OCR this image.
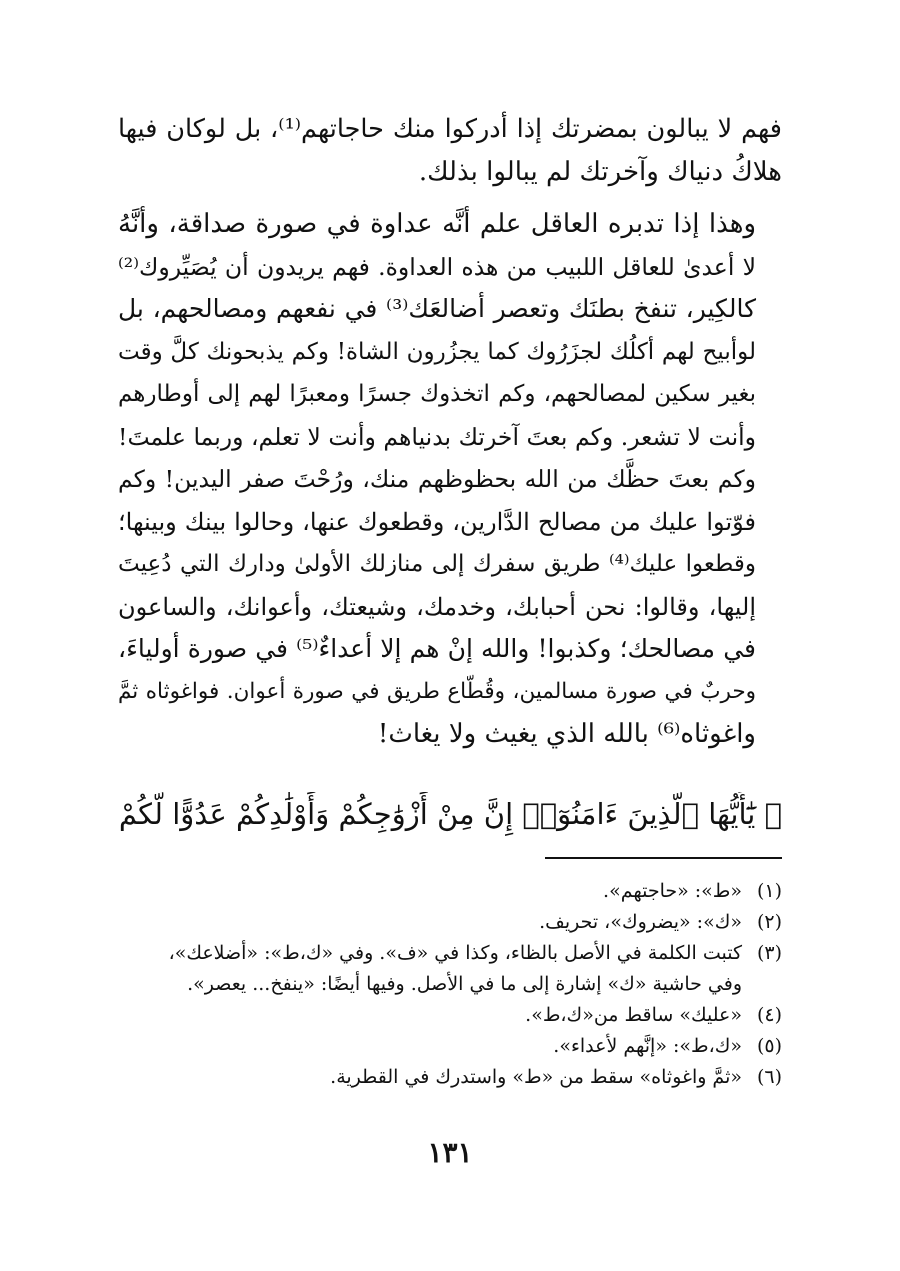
فهم لا يبالون بمضرتك إذا أدركوا منك حاجاتهم⁽¹⁾، بل لوكان فيها
هلاكُ دنياك وآخرتك لم يبالوا بذلك.

وهذا إذا تدبره العاقل علم أنَّه عداوة في صورة صداقة، وأنَّهُ
لا أعدىٰ للعاقل اللبيب من هذه العداوة. فهم يريدون أن يُصَيِّروك⁽²⁾
كالكِير، تنفخ بطنَك وتعصر أضالعَك⁽³⁾ في نفعهم ومصالحهم، بل
لوأبيح لهم أكلُك لجزَرُوك كما يجزُرون الشاة! وكم يذبحونك كلَّ وقت
بغير سكين لمصالحهم، وكم اتخذوك جسرًا ومعبرًا لهم إلى أوطارهم
وأنت لا تشعر. وكم بعتَ آخرتك بدنياهم وأنت لا تعلم، وربما علمتَ!
وكم بعتَ حظَّك من الله بحظوظهم منك، ورُحْتَ صفر اليدين! وكم
فوّتوا عليك من مصالح الدَّارين، وقطعوك عنها، وحالوا بينك وبينها؛
وقطعوا عليك⁽⁴⁾ طريق سفرك إلى منازلك الأولىٰ ودارك التي دُعِيتَ
إليها، وقالوا: نحن أحبابك، وخدمك، وشيعتك، وأعوانك، والساعون
في مصالحك؛ وكذبوا! والله إنْ هم إلا أعداءٌ⁽⁵⁾ في صورة أولياءَ،
وحربٌ في صورة مسالمين، وقُطّاع طريق في صورة أعوان. فواغوثاه ثمَّ
واغوثاه⁽⁶⁾ بالله الذي يغيث ولا يغاث!

﴿ يَٰٓأَيُّهَا ٱلَّذِينَ ءَامَنُوٓا۟ إِنَّ مِنْ أَزْوَٰجِكُمْ وَأَوْلَٰدِكُمْ عَدُوًّا لَّكُمْ
(١)
«ط»: «حاجتهم».
(٢)
«ك»: «يضروك»، تحريف.
(٣)
كتبت الكلمة في الأصل بالظاء، وكذا في «ف». وفي «ك،ط»: «أضلاعك»،
وفي حاشية «ك» إشارة إلى ما في الأصل. وفيها أيضًا: «ينفخ... يعصر».
(٤)
«عليك» ساقط من«ك،ط».
(٥)
«ك،ط»: «إنَّهم لأعداء».
(٦)
«ثمَّ واغوثاه» سقط من «ط» واستدرك في القطرية.
١٣١
